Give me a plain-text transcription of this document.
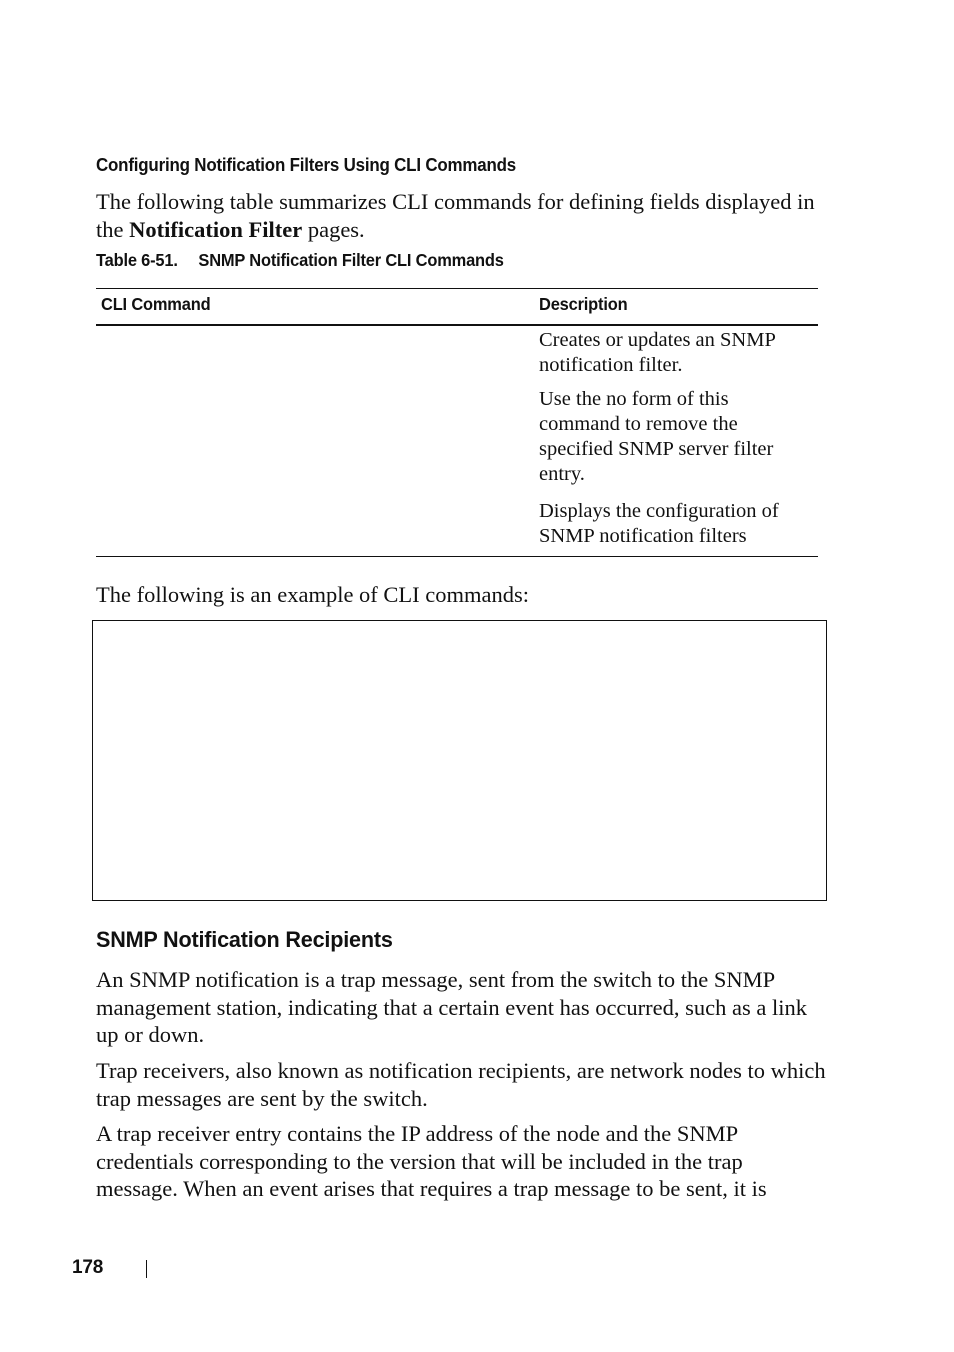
Configuring Notification Filters Using CLI Commands

The following table summarizes CLI commands for defining fields displayed in the Notification Filter pages.

Table 6-51. SNMP Notification Filter CLI Commands
CLI Command	Description
Creates or updates an SNMP notification filter.
Use the no form of this command to remove the specified SNMP server filter entry.
Displays the configuration of SNMP notification filters
The following is an example of CLI commands:
SNMP Notification Recipients

An SNMP notification is a trap message, sent from the switch to the SNMP management station, indicating that a certain event has occurred, such as a link up or down.

Trap receivers, also known as notification recipients, are network nodes to which trap messages are sent by the switch.

A trap receiver entry contains the IP address of the node and the SNMP credentials corresponding to the version that will be included in the trap message. When an event arises that requires a trap message to be sent, it is

178
